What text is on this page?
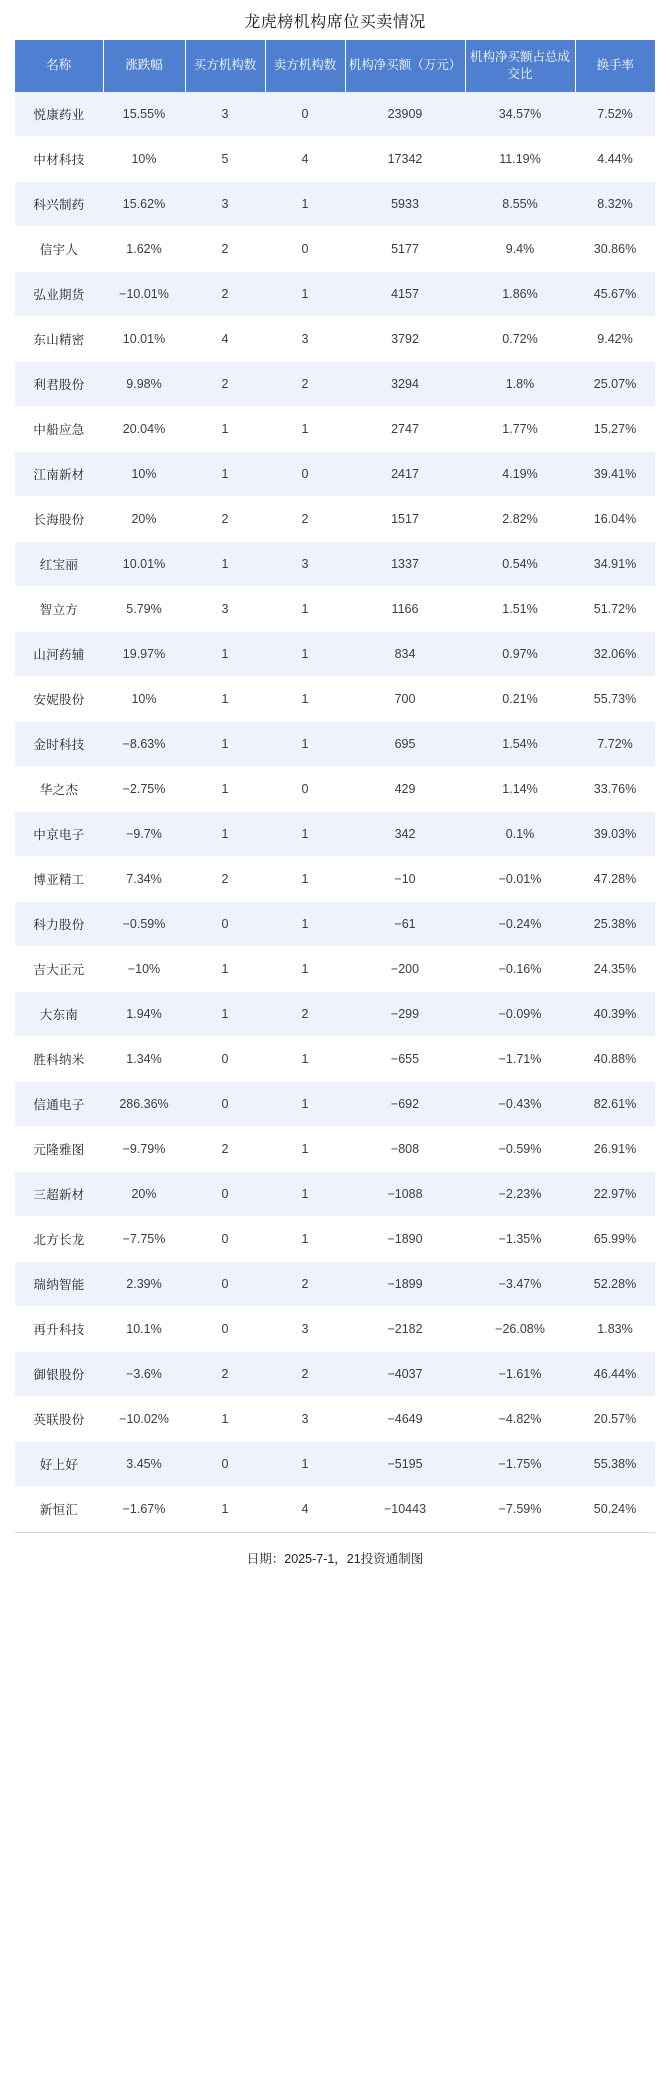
龙虎榜机构席位买卖情况
名称	涨跌幅	买方机构数	卖方机构数	机构净买额（万元）	机构净买额占总成交比	换手率
悦康药业	15.55%	3	0	23909	34.57%	7.52%
中材科技	10%	5	4	17342	11.19%	4.44%
科兴制药	15.62%	3	1	5933	8.55%	8.32%
信宇人	1.62%	2	0	5177	9.4%	30.86%
弘业期货	−10.01%	2	1	4157	1.86%	45.67%
东山精密	10.01%	4	3	3792	0.72%	9.42%
利君股份	9.98%	2	2	3294	1.8%	25.07%
中船应急	20.04%	1	1	2747	1.77%	15.27%
江南新材	10%	1	0	2417	4.19%	39.41%
长海股份	20%	2	2	1517	2.82%	16.04%
红宝丽	10.01%	1	3	1337	0.54%	34.91%
智立方	5.79%	3	1	1166	1.51%	51.72%
山河药辅	19.97%	1	1	834	0.97%	32.06%
安妮股份	10%	1	1	700	0.21%	55.73%
金时科技	−8.63%	1	1	695	1.54%	7.72%
华之杰	−2.75%	1	0	429	1.14%	33.76%
中京电子	−9.7%	1	1	342	0.1%	39.03%
博亚精工	7.34%	2	1	−10	−0.01%	47.28%
科力股份	−0.59%	0	1	−61	−0.24%	25.38%
吉大正元	−10%	1	1	−200	−0.16%	24.35%
大东南	1.94%	1	2	−299	−0.09%	40.39%
胜科纳米	1.34%	0	1	−655	−1.71%	40.88%
信通电子	286.36%	0	1	−692	−0.43%	82.61%
元隆雅图	−9.79%	2	1	−808	−0.59%	26.91%
三超新材	20%	0	1	−1088	−2.23%	22.97%
北方长龙	−7.75%	0	1	−1890	−1.35%	65.99%
瑞纳智能	2.39%	0	2	−1899	−3.47%	52.28%
再升科技	10.1%	0	3	−2182	−26.08%	1.83%
御银股份	−3.6%	2	2	−4037	−1.61%	46.44%
英联股份	−10.02%	1	3	−4649	−4.82%	20.57%
好上好	3.45%	0	1	−5195	−1.75%	55.38%
新恒汇	−1.67%	1	4	−10443	−7.59%	50.24%
日期：2025-7-1，21投资通制图
